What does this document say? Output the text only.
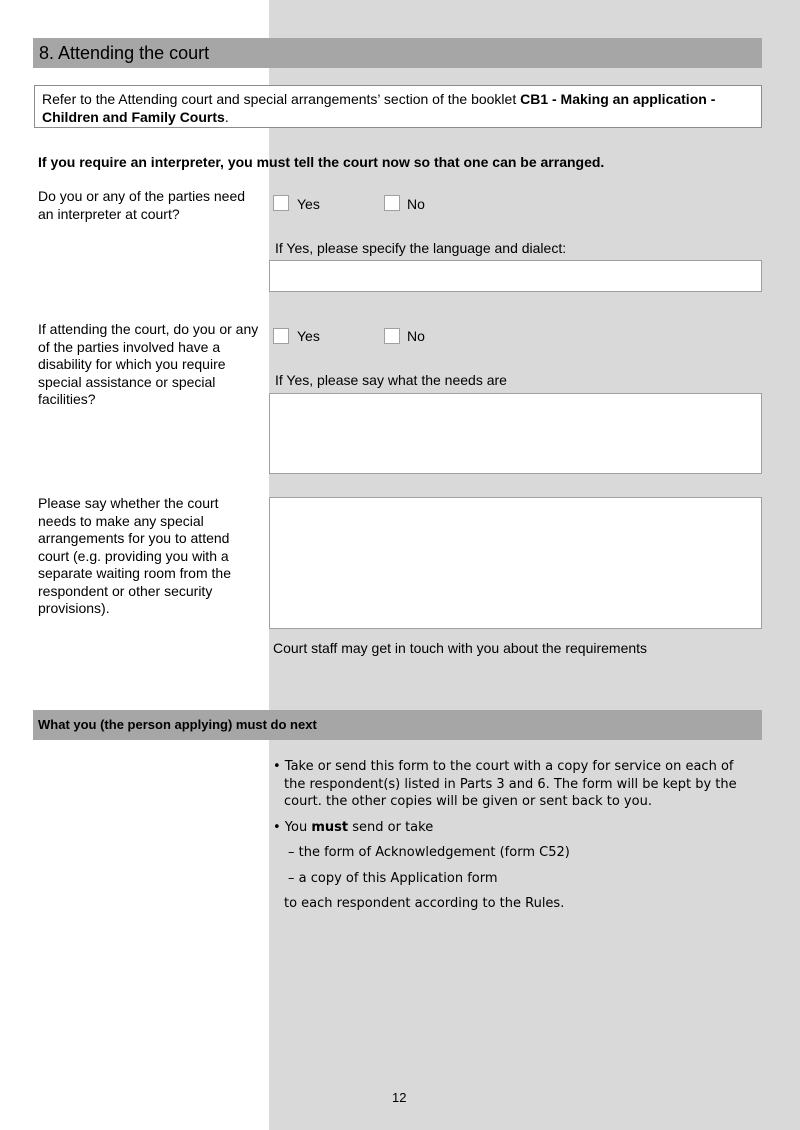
8. Attending the court
Refer to the Attending court and special arrangements’ section of the booklet CB1 - Making an application - Children and Family Courts.
If you require an interpreter, you must tell the court now so that one can be arranged.
Do you or any of the parties need an interpreter at court?
Yes	No
If Yes, please specify the language and dialect:
If attending the court, do you or any of the parties involved have a disability for which you require special assistance or special facilities?
Yes	No
If Yes, please say what the needs are
Please say whether the court needs to make any special arrangements for you to attend court (e.g. providing you with a separate waiting room from the respondent or other security provisions).
Court staff may get in touch with you about the requirements
What you (the person applying) must do next
• Take or send this form to the court with a copy for service on each of the respondent(s) listed in Parts 3 and 6. The form will be kept by the court. the other copies will be given or sent back to you.
• You must send or take
– the form of Acknowledgement (form C52)
– a copy of this Application form
to each respondent according to the Rules.
12
